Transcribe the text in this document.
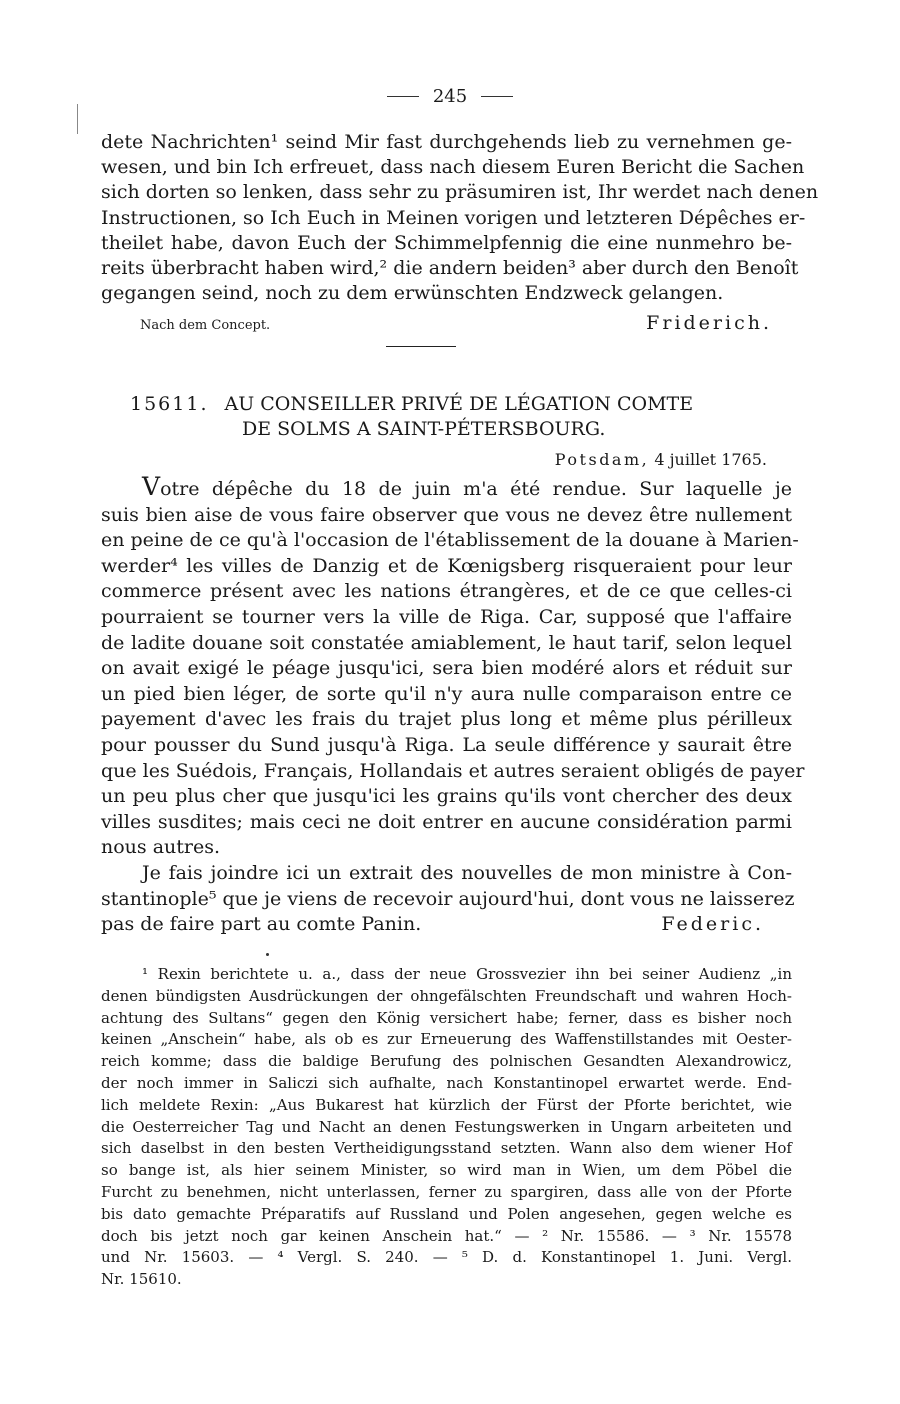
245
dete Nachrichten¹ seind Mir fast durchgehends lieb zu vernehmen ge-
wesen, und bin Ich erfreuet, dass nach diesem Euren Bericht die Sachen
sich dorten so lenken, dass sehr zu präsumiren ist, Ihr werdet nach denen
Instructionen, so Ich Euch in Meinen vorigen und letzteren Dépêches er-
theilet habe, davon Euch der Schimmelpfennig die eine nunmehro be-
reits überbracht haben wird,² die andern beiden³ aber durch den Benoît
gegangen seind, noch zu dem erwünschten Endzweck gelangen.
Nach dem Concept.	Friderich.
15611. AU CONSEILLER PRIVÉ DE LÉGATION COMTE
DE SOLMS A SAINT-PÉTERSBOURG.
Potsdam, 4 juillet 1765.
Votre dépêche du 18 de juin m'a été rendue. Sur laquelle je
suis bien aise de vous faire observer que vous ne devez être nullement
en peine de ce qu'à l'occasion de l'établissement de la douane à Marien-
werder⁴ les villes de Danzig et de Kœnigsberg risqueraient pour leur
commerce présent avec les nations étrangères, et de ce que celles-ci
pourraient se tourner vers la ville de Riga. Car, supposé que l'affaire
de ladite douane soit constatée amiablement, le haut tarif, selon lequel
on avait exigé le péage jusqu'ici, sera bien modéré alors et réduit sur
un pied bien léger, de sorte qu'il n'y aura nulle comparaison entre ce
payement d'avec les frais du trajet plus long et même plus périlleux
pour pousser du Sund jusqu'à Riga. La seule différence y saurait être
que les Suédois, Français, Hollandais et autres seraient obligés de payer
un peu plus cher que jusqu'ici les grains qu'ils vont chercher des deux
villes susdites; mais ceci ne doit entrer en aucune considération parmi
nous autres.
Je fais joindre ici un extrait des nouvelles de mon ministre à Con-
stantinople⁵ que je viens de recevoir aujourd'hui, dont vous ne laisserez
pas de faire part au comte Panin.	Federic.
¹ Rexin berichtete u. a., dass der neue Grossvezier ihn bei seiner Audienz „in
denen bündigsten Ausdrückungen der ohngefälschten Freundschaft und wahren Hoch-
achtung des Sultans“ gegen den König versichert habe; ferner, dass es bisher noch
keinen „Anschein“ habe, als ob es zur Erneuerung des Waffenstillstandes mit Oester-
reich komme; dass die baldige Berufung des polnischen Gesandten Alexandrowicz,
der noch immer in Saliczi sich aufhalte, nach Konstantinopel erwartet werde. End-
lich meldete Rexin: „Aus Bukarest hat kürzlich der Fürst der Pforte berichtet, wie
die Oesterreicher Tag und Nacht an denen Festungswerken in Ungarn arbeiteten und
sich daselbst in den besten Vertheidigungsstand setzten. Wann also dem wiener Hof
so bange ist, als hier seinem Minister, so wird man in Wien, um dem Pöbel die
Furcht zu benehmen, nicht unterlassen, ferner zu spargiren, dass alle von der Pforte
bis dato gemachte Préparatifs auf Russland und Polen angesehen, gegen welche es
doch bis jetzt noch gar keinen Anschein hat.“ — ² Nr. 15586. — ³ Nr. 15578
und Nr. 15603. — ⁴ Vergl. S. 240. — ⁵ D. d. Konstantinopel 1. Juni. Vergl.
Nr. 15610.
